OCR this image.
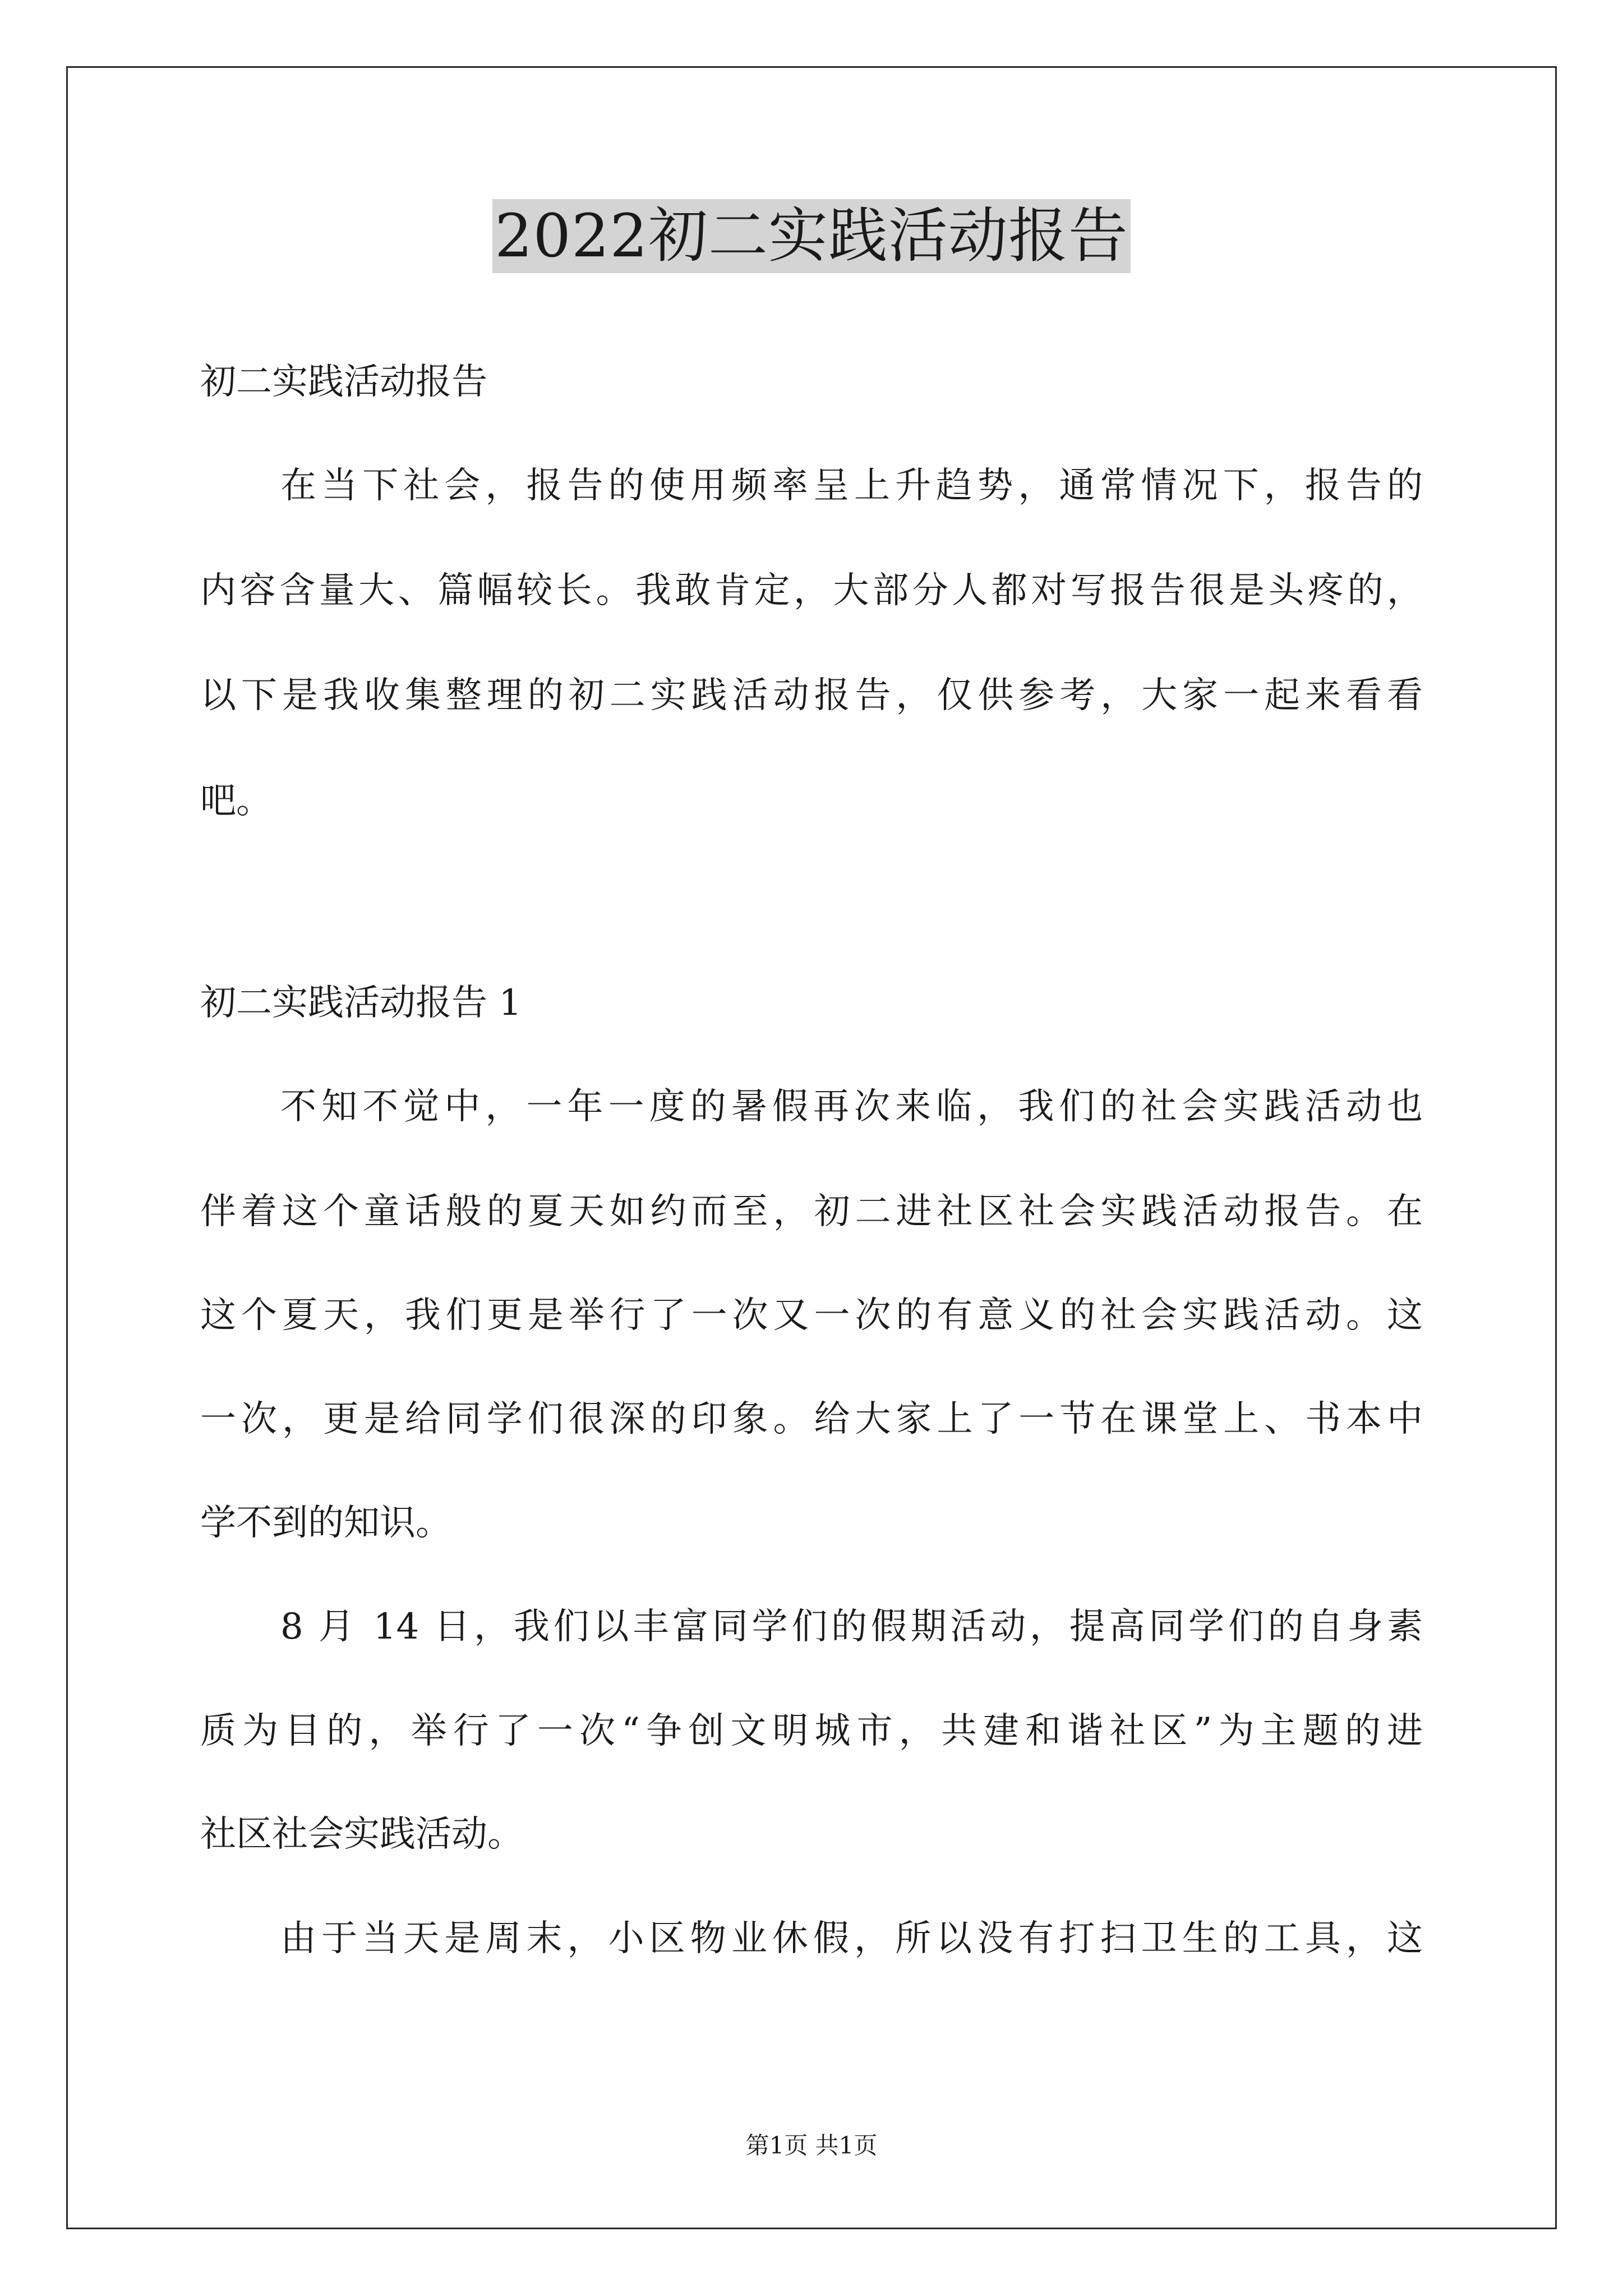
2022初二实践活动报告
初二实践活动报告
在当下社会，报告的使用频率呈上升趋势，通常情况下，报告的
内容含量大、篇幅较长。我敢肯定，大部分人都对写报告很是头疼的，
以下是我收集整理的初二实践活动报告，仅供参考，大家一起来看看
吧。
初二实践活动报告 1
不知不觉中，一年一度的暑假再次来临，我们的社会实践活动也
伴着这个童话般的夏天如约而至，初二进社区社会实践活动报告。在
这个夏天，我们更是举行了一次又一次的有意义的社会实践活动。这
一次，更是给同学们很深的印象。给大家上了一节在课堂上、书本中
学不到的知识。
8 月 14 日，我们以丰富同学们的假期活动，提高同学们的自身素
质为目的，举行了一次“争创文明城市，共建和谐社区”为主题的进
社区社会实践活动。
由于当天是周末，小区物业休假，所以没有打扫卫生的工具，这
第1页 共1页
